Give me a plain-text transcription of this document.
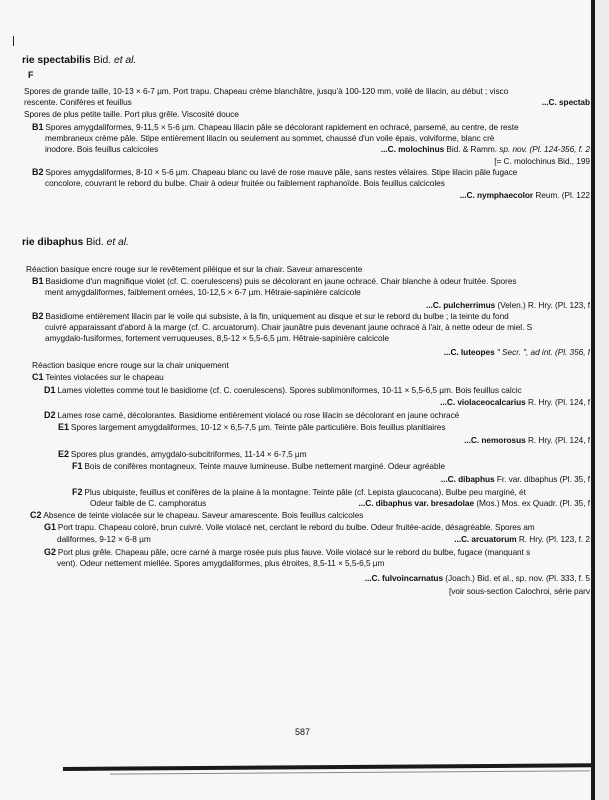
rie spectabilis Bid. et al.
F
Spores de grande taille, 10-13 × 6-7 µm. Port trapu. Chapeau crème blanchâtre, jusqu'à 100-120 mm, voilé de lilacin, au début ; visco
rescente. Conifères et feuillus	...C. spectab
Spores de plus petite taille. Port plus grêle. Viscosité douce
B1 Spores amygdaliformes, 9-11,5 × 5-6 µm. Chapeau lilacin pâle se décolorant rapidement en ochracé, parsemé, au centre, de reste
membraneux crème pâle. Stipe entièrement lilacin ou seulement au sommet, chaussé d'un voile épais, volviforme, blanc crè
inodore. Bois feuillus calcicoles	...C. molochinus Bid. & Ramm. sp. nov. (Pl. 124-356, f. 2
[= C. molochinus Bid., 199
B2 Spores amygdaliformes, 8-10 × 5-6 µm. Chapeau blanc ou lavé de rose mauve pâle, sans restes vélaires. Stipe lilacin pâle fugace
concolore, couvrant le rebord du bulbe. Chair à odeur fruitée ou faiblement raphanoïde. Bois feuillus calcicoles
...C. nymphaecolor Reum. (Pl. 122
rie dibaphus Bid. et al.
Réaction basique encre rouge sur le revêtement piléique et sur la chair. Saveur amarescente
B1 Basidiome d'un magnifique violet (cf. C. coerulescens) puis se décolorant en jaune ochracé. Chair blanche à odeur fruitée. Spores
ment amygdaliformes, faiblement ornées, 10-12,5 × 6-7 µm. Hêtraie-sapinière calcicole
...C. pulcherrimus (Velen.) R. Hry. (Pl. 123, f
B2 Basidiome entièrement lilacin par le voile qui subsiste, à la fin, uniquement au disque et sur le rebord du bulbe ; la teinte du fond
cuivré apparaissant d'abord à la marge (cf. C. arcuatorum). Chair jaunâtre puis devenant jaune ochracé à l'air, à nette odeur de miel. S
amygdalo-fusiformes, fortement verruqueuses, 8,5-12 × 5,5-6,5 µm. Hêtraie-sapinière calcicole
...C. luteopes " Secr. ", ad int. (Pl. 356, f
Réaction basique encre rouge sur la chair uniquement
C1 Teintes violacées sur le chapeau
D1 Lames violettes comme tout le basidiome (cf. C. coerulescens). Spores sublimoniformes, 10-11 × 5,5-6,5 µm. Bois feuillus calcic
...C. violaceocalcarius R. Hry. (Pl. 124, f
D2 Lames rose carné, décolorantes. Basidiome entièrement violacé ou rose lilacin se décolorant en jaune ochracé
E1 Spores largement amygdaliformes, 10-12 × 6,5-7,5 µm. Teinte pâle particulière. Bois feuillus planitiaires
...C. nemorosus R. Hry. (Pl. 124, f
E2 Spores plus grandes, amygdalo-subcitriformes, 11-14 × 6-7,5 µm
F1 Bois de conifères montagneux. Teinte mauve lumineuse. Bulbe nettement marginé. Odeur agréable
...C. dibaphus Fr. var. dibaphus (Pl. 35, f
F2 Plus ubiquiste, feuillus et conifères de la plaine à la montagne. Teinte pâle (cf. Lepista glaucocana). Bulbe peu marginé, ét
Odeur faible de C. camphoratus	...C. dibaphus var. bresadolae (Mos.) Mos. ex Quadr. (Pl. 35, f
C2 Absence de teinte violacée sur le chapeau. Saveur amarescente. Bois feuillus calcicoles
G1 Port trapu. Chapeau coloré, brun cuivré. Voile violacé net, cerclant le rebord du bulbe. Odeur fruitée-acide, désagréable. Spores am
daliformes, 9-12 × 6-8 µm	...C. arcuatorum R. Hry. (Pl. 123, f. 2
G2 Port plus grêle. Chapeau pâle, ocre carné à marge rosée puis plus fauve. Voile violacé sur le rebord du bulbe, fugace (manquant s
vent). Odeur nettement miellée. Spores amygdaliformes, plus étroites, 8,5-11 × 5,5-6,5 µm
...C. fulvoincarnatus (Joach.) Bid. et al., sp. nov. (Pl. 333, f. 5
[voir sous-section Calochroi, série parv
587
